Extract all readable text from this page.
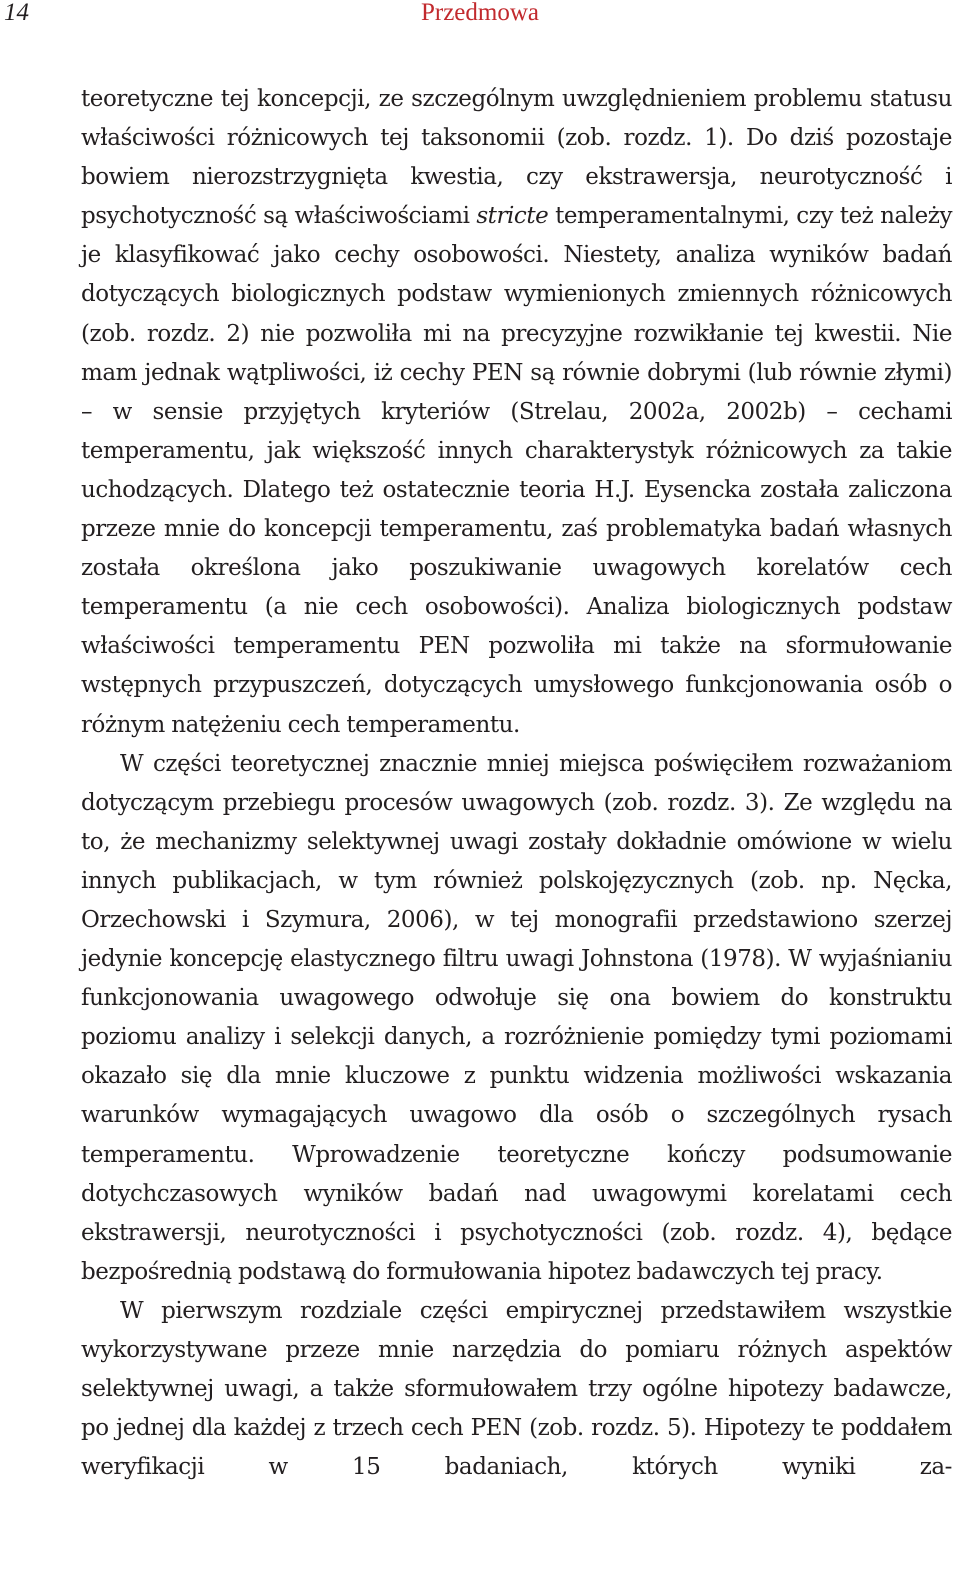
14	Przedmowa

teoretyczne tej koncepcji, ze szczególnym uwzględnieniem problemu statusu właściwości różnicowych tej taksonomii (zob. rozdz. 1). Do dziś pozostaje bowiem nierozstrzygnięta kwestia, czy ekstrawersja, neurotyczność i psychotyczność są właściwościami stricte temperamentalnymi, czy też należy je klasyfikować jako cechy osobowości. Niestety, analiza wyników badań dotyczących biologicznych podstaw wymienionych zmiennych różnicowych (zob. rozdz. 2) nie pozwoliła mi na precyzyjne rozwikłanie tej kwestii. Nie mam jednak wątpliwości, iż cechy PEN są równie dobrymi (lub równie złymi) – w sensie przyjętych kryteriów (Strelau, 2002a, 2002b) – cechami temperamentu, jak większość innych charakterystyk różnicowych za takie uchodzących. Dlatego też ostatecznie teoria H.J. Eysencka została zaliczona przeze mnie do koncepcji temperamentu, zaś problematyka badań własnych została określona jako poszukiwanie uwagowych korelatów cech temperamentu (a nie cech osobowości). Analiza biologicznych podstaw właściwości temperamentu PEN pozwoliła mi także na sformułowanie wstępnych przypuszczeń, dotyczących umysłowego funkcjonowania osób o różnym natężeniu cech temperamentu.

W części teoretycznej znacznie mniej miejsca poświęciłem rozważaniom dotyczącym przebiegu procesów uwagowych (zob. rozdz. 3). Ze względu na to, że mechanizmy selektywnej uwagi zostały dokładnie omówione w wielu innych publikacjach, w tym również polskojęzycznych (zob. np. Nęcka, Orzechowski i Szymura, 2006), w tej monografii przedstawiono szerzej jedynie koncepcję elastycznego filtru uwagi Johnstona (1978). W wyjaśnianiu funkcjonowania uwagowego odwołuje się ona bowiem do konstruktu poziomu analizy i selekcji danych, a rozróżnienie pomiędzy tymi poziomami okazało się dla mnie kluczowe z punktu widzenia możliwości wskazania warunków wymagających uwagowo dla osób o szczególnych rysach temperamentu. Wprowadzenie teoretyczne kończy podsumowanie dotychczasowych wyników badań nad uwagowymi korelatami cech ekstrawersji, neurotyczności i psychotyczności (zob. rozdz. 4), będące bezpośrednią podstawą do formułowania hipotez badawczych tej pracy.

W pierwszym rozdziale części empirycznej przedstawiłem wszystkie wykorzystywane przeze mnie narzędzia do pomiaru różnych aspektów selektywnej uwagi, a także sformułowałem trzy ogólne hipotezy badawcze, po jednej dla każdej z trzech cech PEN (zob. rozdz. 5). Hipotezy te poddałem weryfikacji w 15 badaniach, których wyniki za-
